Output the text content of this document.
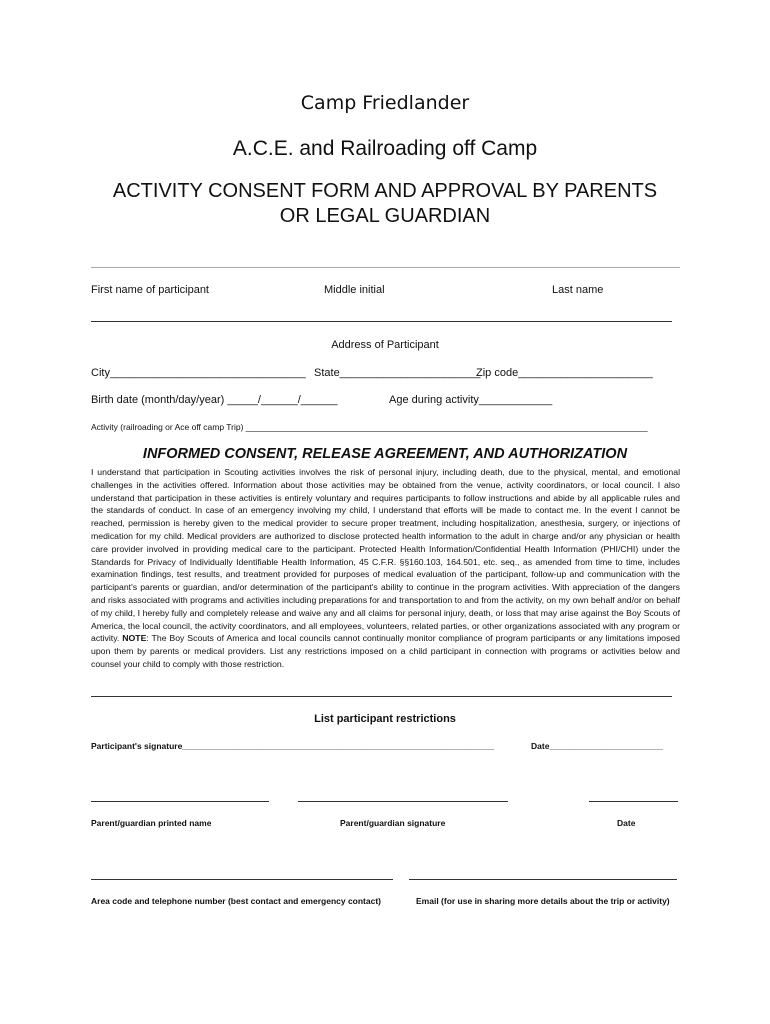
Camp Friedlander
A.C.E. and Railroading off Camp
ACTIVITY CONSENT FORM AND APPROVAL BY PARENTS
OR LEGAL GUARDIAN
First name of participant	Middle initial	Last name
Address of Participant
City________________________________ State_______________________
Zip code______________________
Birth date (month/day/year) _____/______/______	Age during activity____________
Activity (railroading or Ace off camp Trip) _____________________________________________________________________________________
INFORMED CONSENT, RELEASE AGREEMENT, AND AUTHORIZATION

I understand that participation in Scouting activities involves the risk of personal injury, including death, due to the physical, mental, and emotional challenges in the activities offered. Information about those activities may be obtained from the venue, activity coordinators, or local council. I also understand that participation in these activities is entirely voluntary and requires participants to follow instructions and abide by all applicable rules and the standards of conduct. In case of an emergency involving my child, I understand that efforts will be made to contact me. In the event I cannot be reached, permission is hereby given to the medical provider to secure proper treatment, including hospitalization, anesthesia, surgery, or injections of medication for my child. Medical providers are authorized to disclose protected health information to the adult in charge and/or any physician or health care provider involved in providing medical care to the participant. Protected Health Information/Confidential Health Information (PHI/CHI) under the Standards for Privacy of Individually Identifiable Health Information, 45 C.F.R. §§160.103, 164.501, etc. seq., as amended from time to time, includes examination findings, test results, and treatment provided for purposes of medical evaluation of the participant, follow-up and communication with the participant's parents or guardian, and/or determination of the participant's ability to continue in the program activities. With appreciation of the dangers and risks associated with programs and activities including preparations for and transportation to and from the activity, on my own behalf and/or on behalf of my child, I hereby fully and completely release and waive any and all claims for personal injury, death, or loss that may arise against the Boy Scouts of America, the local council, the activity coordinators, and all employees, volunteers, related parties, or other organizations associated with any program or activity. NOTE: The Boy Scouts of America and local councils cannot continually monitor compliance of program participants or any limitations imposed upon them by parents or medical providers. List any restrictions imposed on a child participant in connection with programs or activities below and counsel your child to comply with those restriction.

List participant restrictions
Participant's signature__________________________________________________________________	Date________________________
Parent/guardian printed name	Parent/guardian signature	Date
Area code and telephone number (best contact and emergency contact)	Email (for use in sharing more details about the trip or activity)
